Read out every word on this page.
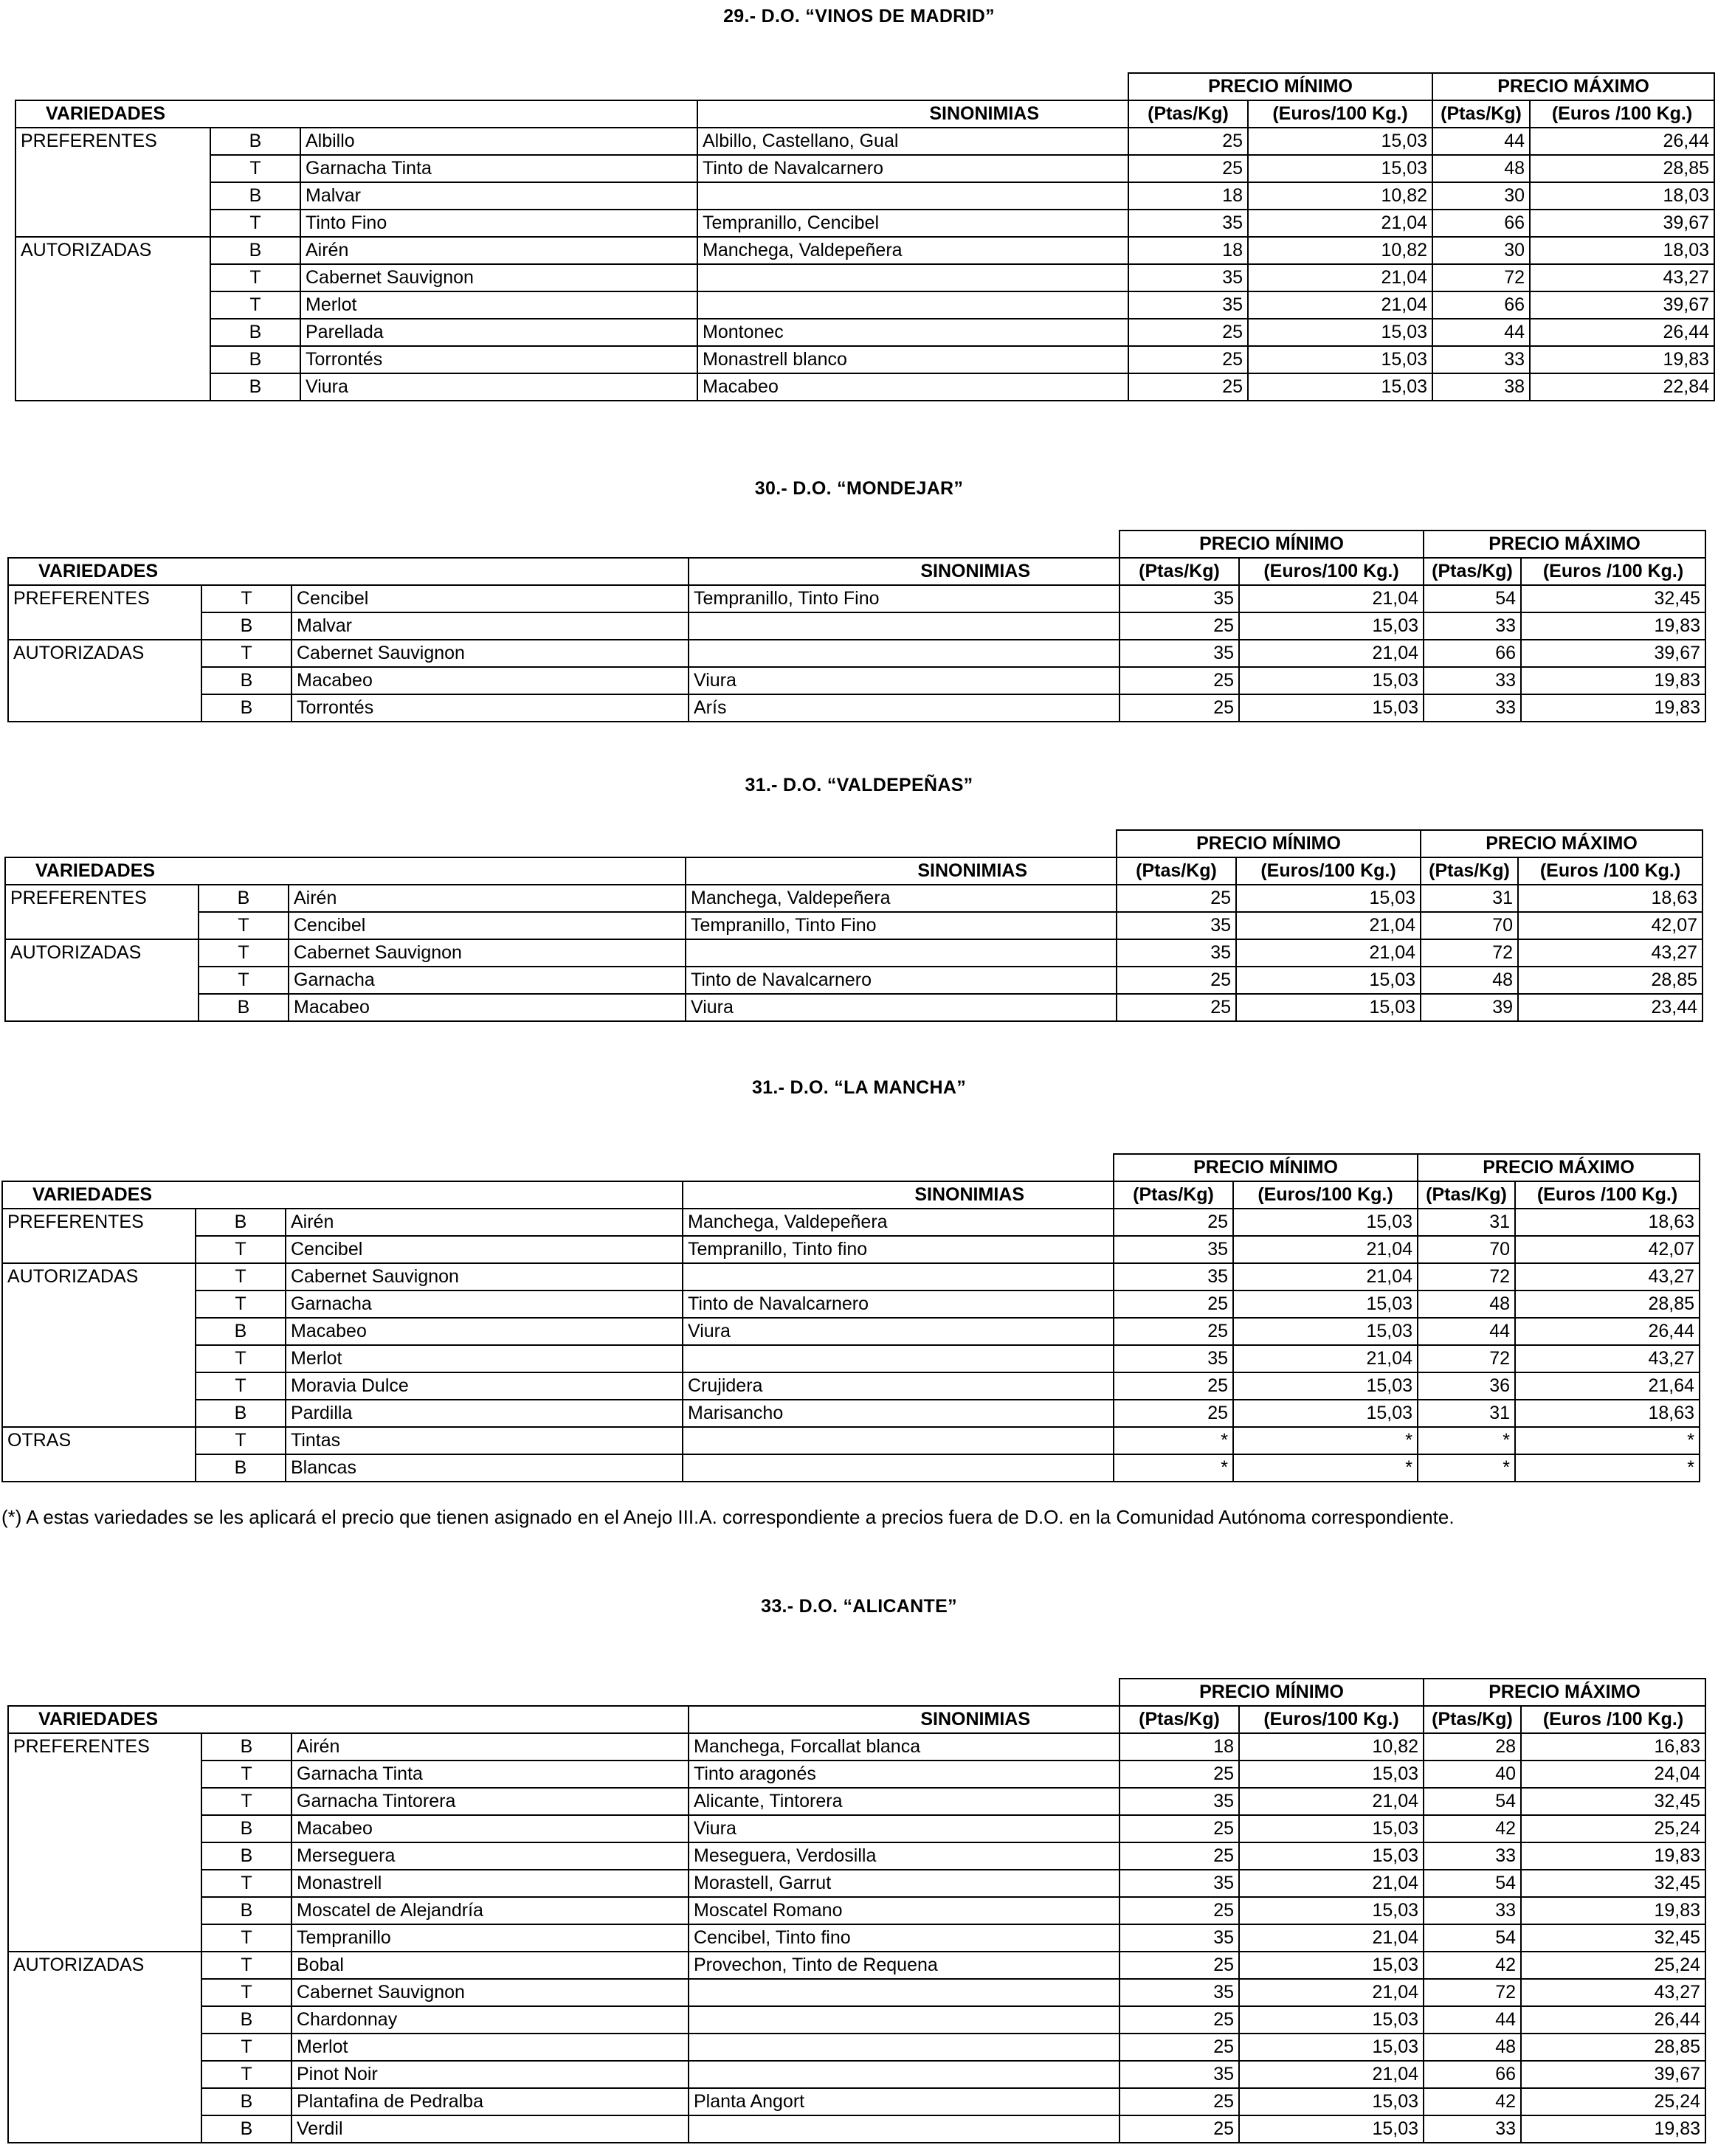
29.- D.O. “VINOS DE MADRID”
				PRECIO MÍNIMO		PRECIO MÁXIMO	
VARIEDADES			SINONIMIAS	(Ptas/Kg)	(Euros/100 Kg.)	(Ptas/Kg)	(Euros /100 Kg.)
PREFERENTES	B	Albillo	Albillo, Castellano, Gual	25	15,03	44	26,44
	T	Garnacha Tinta	Tinto de Navalcarnero	25	15,03	48	28,85
	B	Malvar		18	10,82	30	18,03
	T	Tinto Fino	Tempranillo, Cencibel	35	21,04	66	39,67
AUTORIZADAS	B	Airén	Manchega, Valdepeñera	18	10,82	30	18,03
	T	Cabernet Sauvignon		35	21,04	72	43,27
	T	Merlot		35	21,04	66	39,67
	B	Parellada	Montonec	25	15,03	44	26,44
	B	Torrontés	Monastrell blanco	25	15,03	33	19,83
	B	Viura	Macabeo	25	15,03	38	22,84
30.- D.O. “MONDEJAR”
				PRECIO MÍNIMO		PRECIO MÁXIMO	
VARIEDADES			SINONIMIAS	(Ptas/Kg)	(Euros/100 Kg.)	(Ptas/Kg)	(Euros /100 Kg.)
PREFERENTES	T	Cencibel	Tempranillo, Tinto Fino	35	21,04	54	32,45
	B	Malvar		25	15,03	33	19,83
AUTORIZADAS	T	Cabernet Sauvignon		35	21,04	66	39,67
	B	Macabeo	Viura	25	15,03	33	19,83
	B	Torrontés	Arís	25	15,03	33	19,83
31.- D.O. “VALDEPEÑAS”
				PRECIO MÍNIMO		PRECIO MÁXIMO	
VARIEDADES			SINONIMIAS	(Ptas/Kg)	(Euros/100 Kg.)	(Ptas/Kg)	(Euros /100 Kg.)
PREFERENTES	B	Airén	Manchega, Valdepeñera	25	15,03	31	18,63
	T	Cencibel	Tempranillo, Tinto Fino	35	21,04	70	42,07
AUTORIZADAS	T	Cabernet Sauvignon		35	21,04	72	43,27
	T	Garnacha	Tinto de Navalcarnero	25	15,03	48	28,85
	B	Macabeo	Viura	25	15,03	39	23,44
31.- D.O. “LA MANCHA”
				PRECIO MÍNIMO		PRECIO MÁXIMO	
VARIEDADES			SINONIMIAS	(Ptas/Kg)	(Euros/100 Kg.)	(Ptas/Kg)	(Euros /100 Kg.)
PREFERENTES	B	Airén	Manchega, Valdepeñera	25	15,03	31	18,63
	T	Cencibel	Tempranillo, Tinto fino	35	21,04	70	42,07
AUTORIZADAS	T	Cabernet Sauvignon		35	21,04	72	43,27
	T	Garnacha	Tinto de Navalcarnero	25	15,03	48	28,85
	B	Macabeo	Viura	25	15,03	44	26,44
	T	Merlot		35	21,04	72	43,27
	T	Moravia Dulce	Crujidera	25	15,03	36	21,64
	B	Pardilla	Marisancho	25	15,03	31	18,63
OTRAS	T	Tintas		*	*	*	*
	B	Blancas		*	*	*	*
(*) A estas variedades se les aplicará el precio que tienen asignado en el Anejo III.A. correspondiente a precios fuera de D.O. en la Comunidad Autónoma correspondiente.
33.- D.O. “ALICANTE”
				PRECIO MÍNIMO		PRECIO MÁXIMO	
VARIEDADES			SINONIMIAS	(Ptas/Kg)	(Euros/100 Kg.)	(Ptas/Kg)	(Euros /100 Kg.)
PREFERENTES	B	Airén	Manchega, Forcallat blanca	18	10,82	28	16,83
	T	Garnacha Tinta	Tinto aragonés	25	15,03	40	24,04
	T	Garnacha Tintorera	Alicante, Tintorera	35	21,04	54	32,45
	B	Macabeo	Viura	25	15,03	42	25,24
	B	Merseguera	Meseguera, Verdosilla	25	15,03	33	19,83
	T	Monastrell	Morastell, Garrut	35	21,04	54	32,45
	B	Moscatel de Alejandría	Moscatel Romano	25	15,03	33	19,83
	T	Tempranillo	Cencibel, Tinto fino	35	21,04	54	32,45
AUTORIZADAS	T	Bobal	Provechon, Tinto de Requena	25	15,03	42	25,24
	T	Cabernet Sauvignon		35	21,04	72	43,27
	B	Chardonnay		25	15,03	44	26,44
	T	Merlot		25	15,03	48	28,85
	T	Pinot Noir		35	21,04	66	39,67
	B	Plantafina de Pedralba	Planta Angort	25	15,03	42	25,24
	B	Verdil		25	15,03	33	19,83
